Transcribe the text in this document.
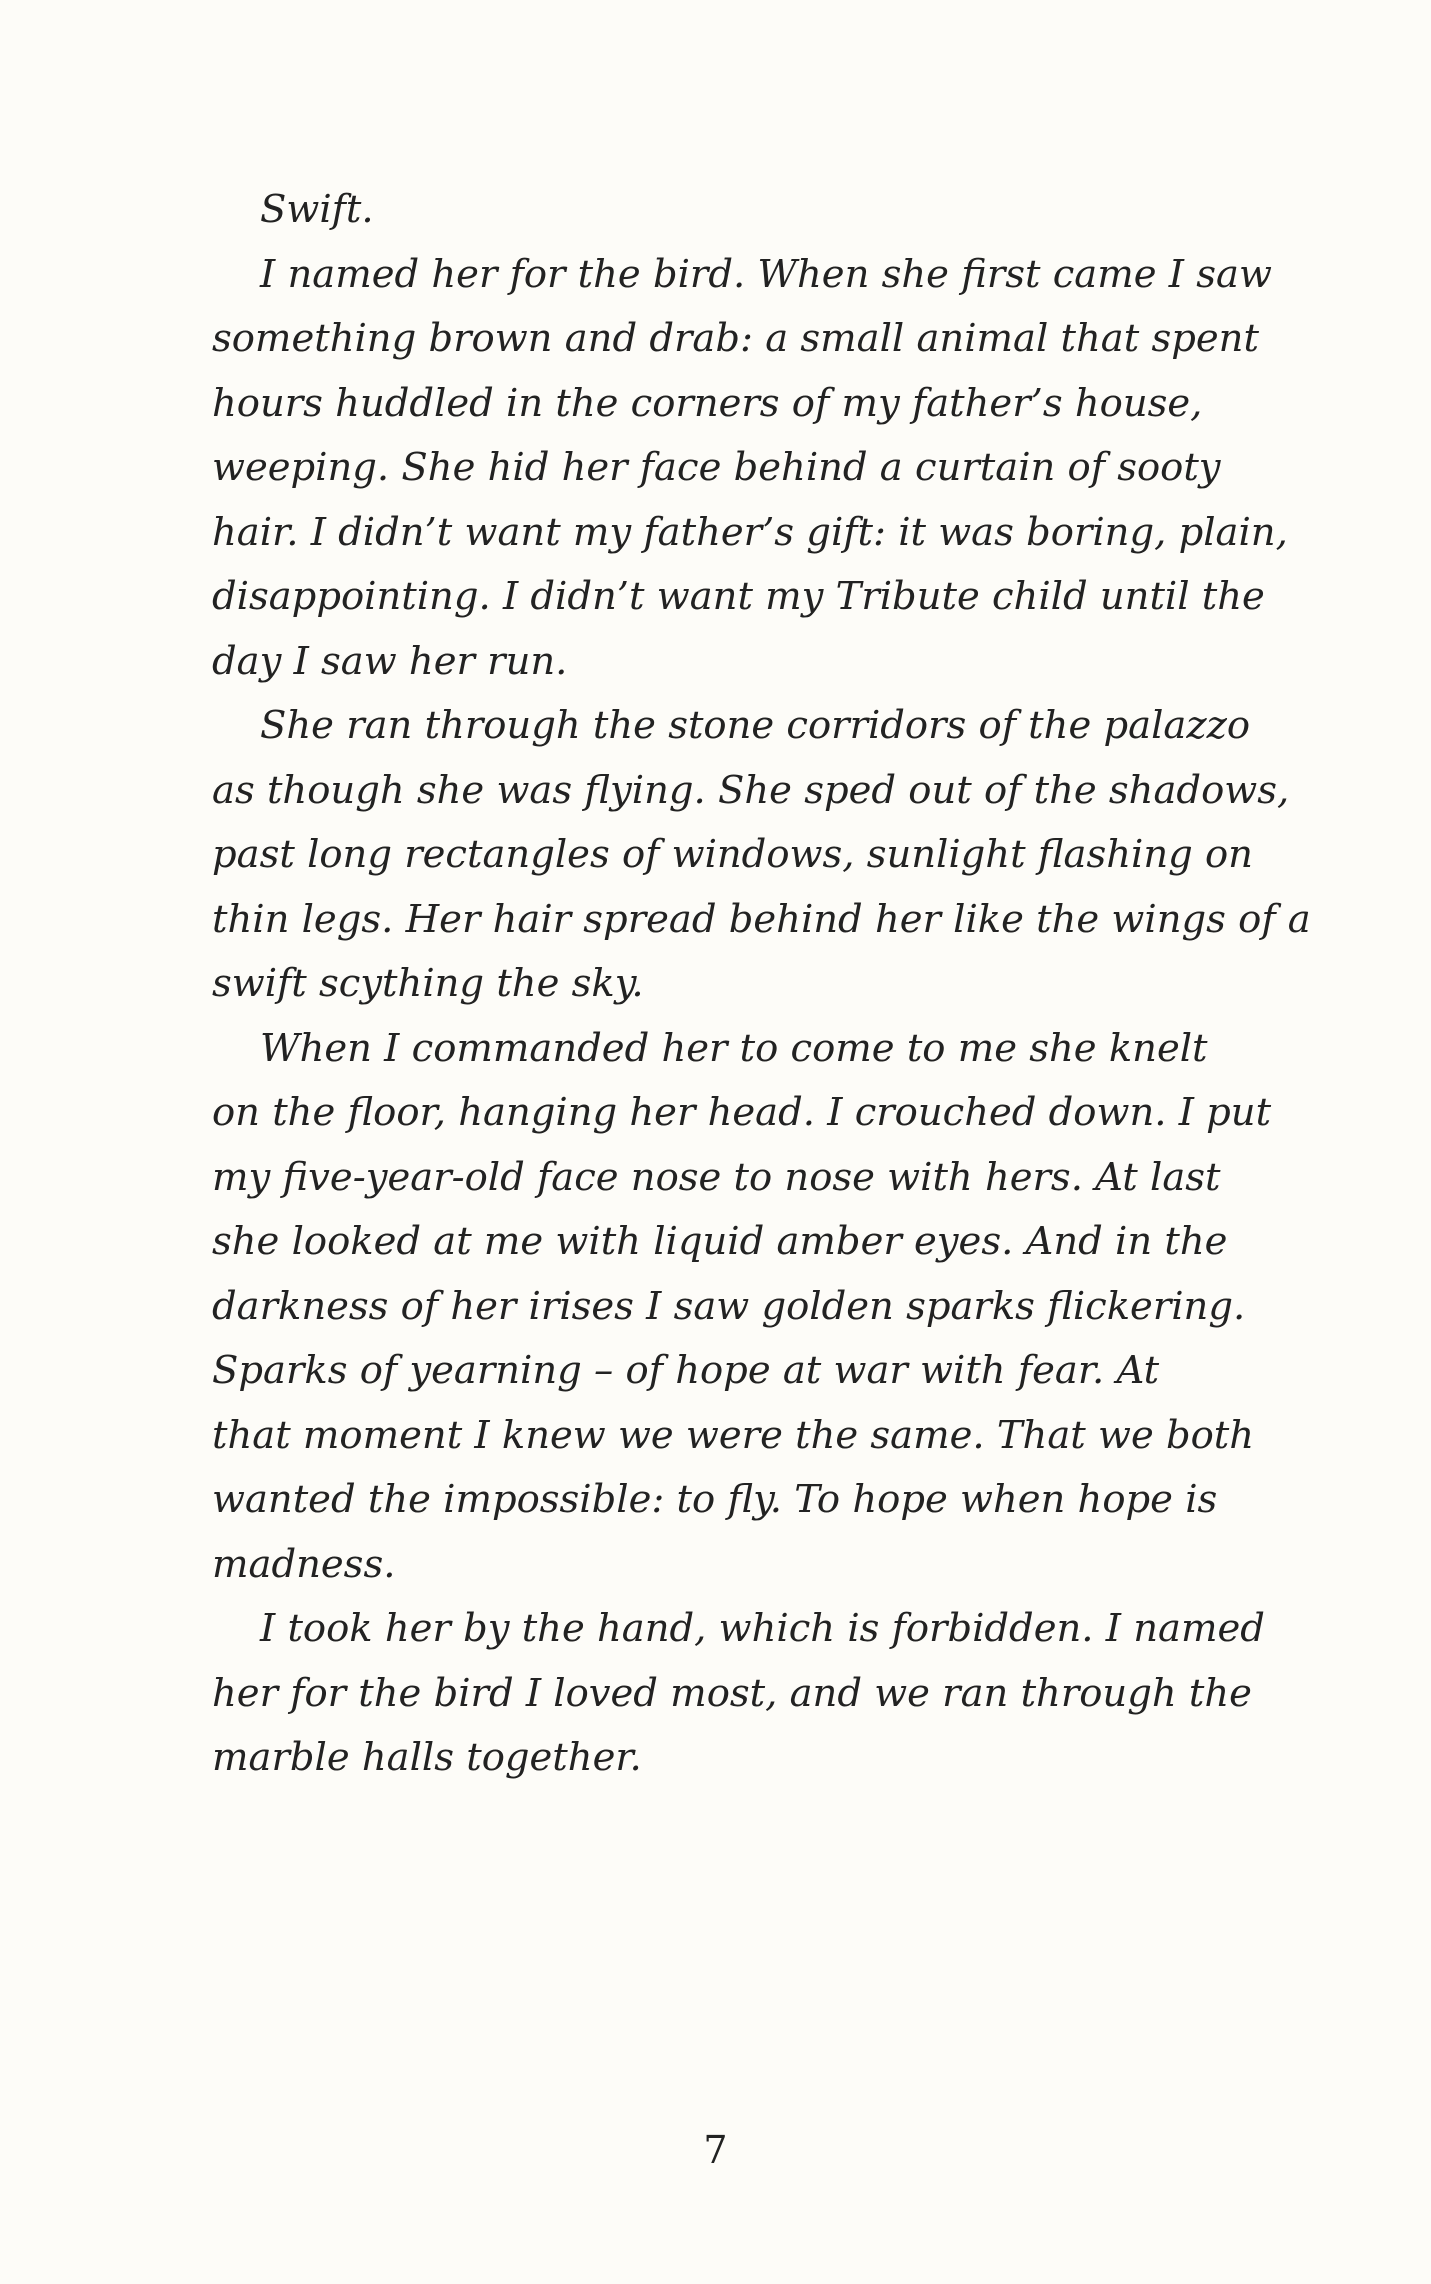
Swift.

I named her for the bird. When she first came I saw
something brown and drab: a small animal that spent
hours huddled in the corners of my father’s house,
weeping. She hid her face behind a curtain of sooty
hair. I didn’t want my father’s gift: it was boring, plain,
disappointing. I didn’t want my Tribute child until the
day I saw her run.

She ran through the stone corridors of the palazzo
as though she was flying. She sped out of the shadows,
past long rectangles of windows, sunlight flashing on
thin legs. Her hair spread behind her like the wings of a
swift scything the sky.

When I commanded her to come to me she knelt
on the floor, hanging her head. I crouched down. I put
my five-year-old face nose to nose with hers. At last
she looked at me with liquid amber eyes. And in the
darkness of her irises I saw golden sparks flickering.
Sparks of yearning – of hope at war with fear. At
that moment I knew we were the same. That we both
wanted the impossible: to fly. To hope when hope is
madness.

I took her by the hand, which is forbidden. I named
her for the bird I loved most, and we ran through the
marble halls together.

7
